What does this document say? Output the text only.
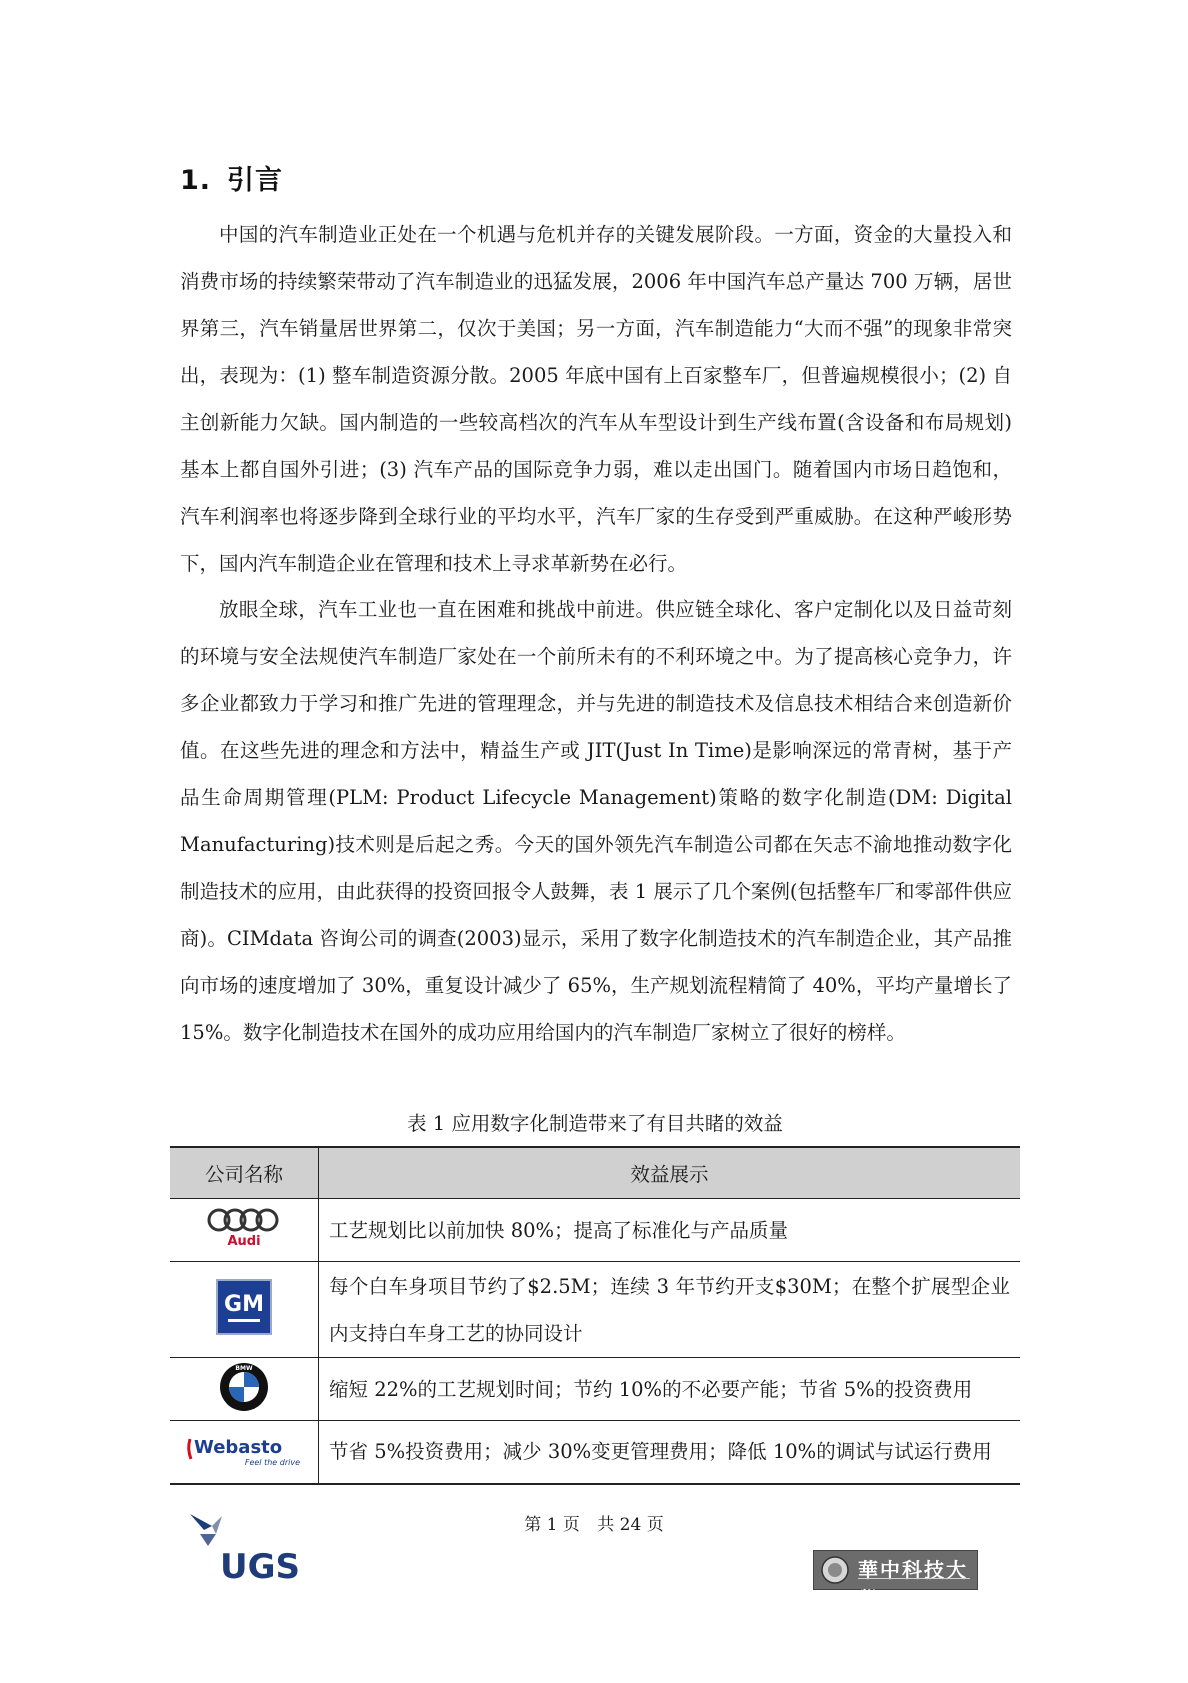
1. 引言

中国的汽车制造业正处在一个机遇与危机并存的关键发展阶段。一方面，资金的大量投入和消费市场的持续繁荣带动了汽车制造业的迅猛发展，2006 年中国汽车总产量达 700 万辆，居世界第三，汽车销量居世界第二，仅次于美国；另一方面，汽车制造能力“大而不强”的现象非常突出，表现为：(1) 整车制造资源分散。2005 年底中国有上百家整车厂，但普遍规模很小；(2) 自主创新能力欠缺。国内制造的一些较高档次的汽车从车型设计到生产线布置(含设备和布局规划)基本上都自国外引进；(3) 汽车产品的国际竞争力弱，难以走出国门。随着国内市场日趋饱和，汽车利润率也将逐步降到全球行业的平均水平，汽车厂家的生存受到严重威胁。在这种严峻形势下，国内汽车制造企业在管理和技术上寻求革新势在必行。

放眼全球，汽车工业也一直在困难和挑战中前进。供应链全球化、客户定制化以及日益苛刻的环境与安全法规使汽车制造厂家处在一个前所未有的不利环境之中。为了提高核心竞争力，许多企业都致力于学习和推广先进的管理理念，并与先进的制造技术及信息技术相结合来创造新价值。在这些先进的理念和方法中，精益生产或 JIT(Just In Time)是影响深远的常青树，基于产品生命周期管理(PLM: Product Lifecycle Management)策略的数字化制造(DM: Digital Manufacturing)技术则是后起之秀。今天的国外领先汽车制造公司都在矢志不渝地推动数字化制造技术的应用，由此获得的投资回报令人鼓舞，表 1 展示了几个案例(包括整车厂和零部件供应商)。CIMdata 咨询公司的调查(2003)显示，采用了数字化制造技术的汽车制造企业，其产品推向市场的速度增加了 30%，重复设计减少了 65%，生产规划流程精简了 40%，平均产量增长了 15%。数字化制造技术在国外的成功应用给国内的汽车制造厂家树立了很好的榜样。

表 1 应用数字化制造带来了有目共睹的效益
公司名称	效益展示

Audi	工艺规划比以前加快 80%；提高了标准化与产品质量

GM	每个白车身项目节约了$2.5M；连续 3 年节约开支$30M；在整个扩展型企业内支持白车身工艺的协同设计

BMW	缩短 22%的工艺规划时间；节约 10%的不必要产能；节省 5%的投资费用

Webasto
Feel the drive	节省 5%投资费用；减少 30%变更管理费用；降低 10%的调试与试运行费用
第 1 页 共 24 页
UGS	華中科技大學
